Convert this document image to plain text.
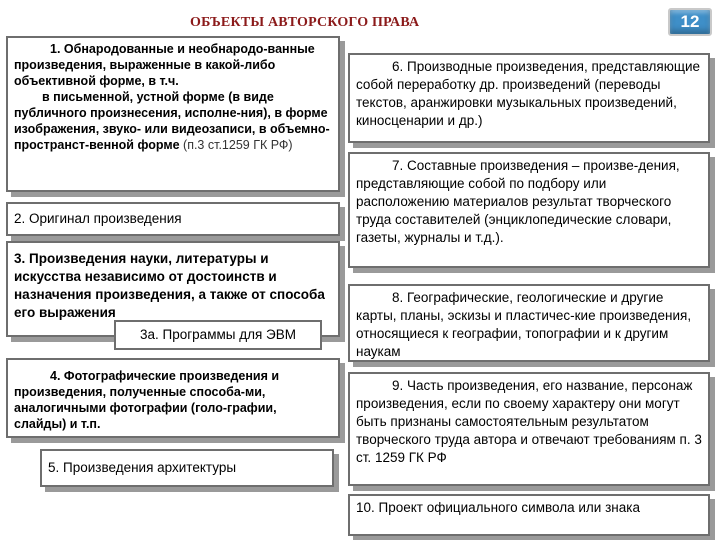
ОБЪЕКТЫ АВТОРСКОГО ПРАВА	12

1. Обнародованные и необнародо-ванные произведения, выраженные в какой-либо объективной форме, в т.ч.

в письменной, устной форме (в виде публичного произнесения, исполне-ния), в форме изображения, звуко- или видеозаписи, в объемно-пространст-венной форме (п.3 ст.1259 ГК РФ)

2. Оригинал произведения
3. Произведения науки, литературы и искусства независимо от достоинств и назначения произведения, а также от способа его выражения
3а. Программы для ЭВМ

4. Фотографические произведения и произведения, полученные способа-ми, аналогичными фотографии (голо-графии, слайды) и т.п.

5. Произведения архитектуры

6. Производные произведения, представляющие собой переработку др. произведений (переводы текстов, аранжировки музыкальных произведений, киносценарии и др.)

7. Составные произведения – произве-дения, представляющие собой по подбору или расположению материалов результат творческого труда составителей (энциклопедические словари, газеты, журналы и т.д.).

8. Географические, геологические и другие карты, планы, эскизы и пластичес-кие произведения, относящиеся к географии, топографии и к другим наукам

9. Часть произведения, его название, персонаж произведения, если по своему характеру они могут быть признаны самостоятельным результатом творческого труда автора и отвечают требованиям п. 3 ст. 1259 ГК РФ

10. Проект официального символа или знака
